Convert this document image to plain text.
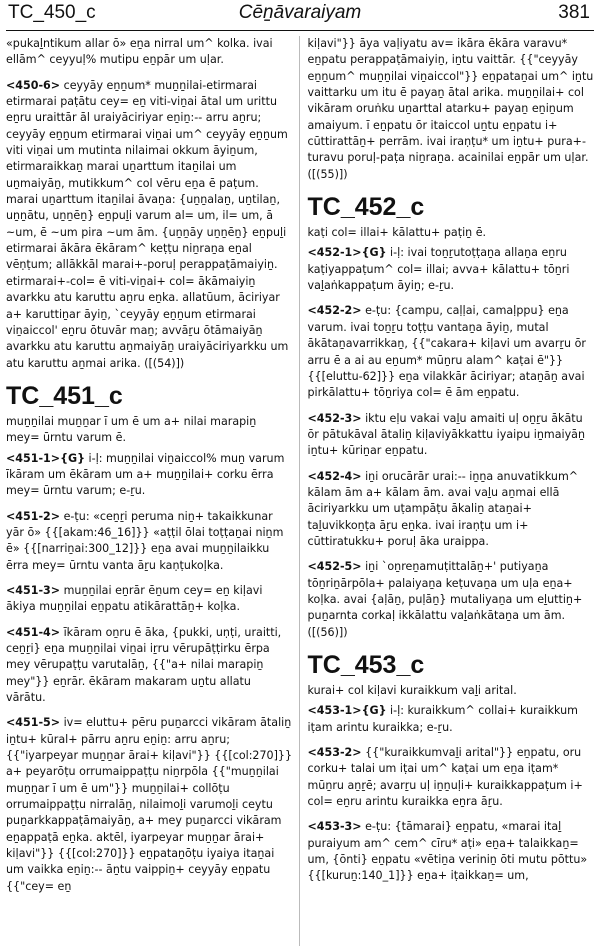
TC_450_c	Cēṉāvaraiyam	381

«pukaḻntikum allar ō» eṉa nirral um^ kolka. ivai ellām^ ceyyuḷ% mutipu eṉpār um uḷar.

<450-6> ceyyāy eṉṉum* muṉṉilai-etirmarai etirmarai paṭātu cey= eṉ viti-viṉai ātal um urittu eṉru uraittār āl uraiyāciriyar eṉiṉ:-- arru aṉru; ceyyāy eṉṉum etirmarai viṉai um^ ceyyāy eṉṉum viti viṉai um mutinta nilaimai okkum āyiṉum, etirmaraikkaṉ marai uṉarttum itaṉilai um uṉmaiyāṉ, mutikkum^ col vēru eṉa ē paṭum. marai uṉarttum itaṉilai āvaṉa: {uṉṉalaṉ, uṉtilaṉ, uṉṉātu, uṉṉēṉ} eṉpuḻi varum al= um, il= um, ā ~um, ē ~um pira ~um ām. {uṉṉāy uṉṉēṉ} eṉpuḻi etirmarai ākāra ēkāram^ keṭṭu niṉraṉa eṉal vēṇṭum; allākkāl marai+-poruḷ perappaṭāmaiyiṉ. etirmarai+-col= ē viti-viṉai+ col= ākāmaiyiṉ avarkku atu karuttu aṉru eṉka. allatūum, āciriyar a+ karuttiṉar āyiṉ, `ceyyāy eṉṉum etirmarai viṉaiccol' eṉru ōtuvār maṉ; avvāṟu ōtāmaiyāṉ avarkku atu karuttu aṉmaiyāṉ uraiyāciriyarkku um atu karuttu aṉmai arika. ([(54)])

TC_451_c

muṉṉilai muṉṉar ī um ē um a+ nilai marapiṉ mey= ūrntu varum ē.

<451-1>{G} i-ḷ: muṉṉilai viṉaiccol% muṉ varum īkāram um ēkāram um a+ muṉṉilai+ corku ērra mey= ūrntu varum; e-ṟu.

<451-2> e-ṭu: «ceṉṟi peruma niṉ+ takaikkunar yār ō» {{[akam:46_16]}} «aṭṭil ōlai toṭṭaṉai niṉm ē» {{[narriṉai:300_12]}} eṉa avai muṉṉilaikku ērra mey= ūrntu vanta āṟu kaṇṭukoḷka.

<451-3> muṉṉilai eṉrār ēṉum cey= eṉ kiḷavi ākiya muṉṉilai eṉpatu atikārattāṉ+ koḷka.

<451-4> īkāram oṉru ē āka, {pukki, uṇṭi, uraitti, ceṉṟi} eṉa muṉṉilai viṉai iṟru vērupāṭṭirku ērpa mey vērupaṭṭu varutalāṉ, {{"a+ nilai marapiṉ mey"}} eṉrār. ēkāram makaram uṉtu allatu vārātu.

<451-5> iv= eluttu+ pēru puṉarcci vikāram ātaliṉ iṉtu+ kūral+ pārru aṉru eṉiṉ: arru aṉru; {{"iyarpeyar muṉṉar ārai+ kiḷavi"}} {{[col:270]}} a+ peyarōṭu orrumaippaṭṭu niṉrpōla {{"muṉṉilai muṉṉar ī um ē um"}} muṉṉilai+ collōṭu orrumaippaṭṭu nirralāṉ, nilaimoḻi varumoḻi ceytu puṉarkkappaṭāmaiyāṉ, a+ mey puṉarcci vikāram eṉappaṭā eṉka. aktēl, iyarpeyar muṉṉar ārai+ kiḷavi"}} {{[col:270]}} eṉpataṉōṭu iyaiya itaṉai um vaikka eṉiṉ:-- āṉtu vaippiṉ+ ceyyāy eṉpatu {{"cey= eṉ

kiḷavi"}} āya vaḷiyatu av= ikāra ēkāra varavu* eṉpatu perappaṭāmaiyiṉ, iṉtu vaittār. {{"ceyyāy eṉṉum^ muṉṉilai viṉaiccol"}} eṉpataṉai um^ iṉtu vaittarku um itu ē payaṉ ātal arika. muṉṉilai+ col vikāram oruṅku uṉarttal atarku+ payaṉ eṉiṉum amaiyum. ī eṉpatu ōr itaiccol uṉtu eṉpatu i+ cūttirattāṉ+ perrām. ivai iraṇṭu* um iṉtu+ pura+-turavu poruḷ-paṭa niṉraṉa. acainilai eṉpār um uḷar. ([(55)])

TC_452_c

kaṭi col= illai+ kālattu+ paṭiṉ ē.

<452-1>{G} i-ḷ: ivai toṉṟutoṭṭaṉa allaṉa eṉru kaṭiyappaṭum^ col= illai; avva+ kālattu+ tōṉri vaḻaṅkappaṭum āyiṉ; e-ṟu.

<452-2> e-ṭu: {campu, caḷḷai, camaḷppu} eṉa varum. ivai toṉṟu toṭṭu vantaṉa āyiṉ, mutal ākātaṉavarrikkaṉ, {{"cakara+ kiḷavi um avarṟu ōr arru ē a ai au eṉum* mūṉru alam^ kaṭai ē"}} {{[eluttu-62]}} eṉa vilakkār āciriyar; ataṉāṉ avai pirkālattu+ tōṉriya col= ē ām eṉpatu.

<452-3> iktu eḷu vakai vaḻu amaiti uḷ oṉṟu ākātu ōr pātukāval ātaliṉ kiḷaviyākkattu iyaipu iṉmaiyāṉ iṉtu+ kūriṉar eṉpatu.

<452-4> iṉi orucārār urai:-- iṉṉa anuvatikkum^ kālam ām a+ kālam ām. avai vaḻu aṉmai ellā āciriyarkku um uṭampāṭu ākaliṉ ataṉai+ taḻuvikkoṉṭa āṟu eṉka. ivai iraṇṭu um i+ cūttiratukku+ poruḷ āka uraippa.

<452-5> iṉi `oṉreṉamuṭittalāṉ+' putiyaṉa tōṉriṉārpōla+ palaiyaṉa keṭuvaṉa um uḷa eṉa+ koḷka. avai {aḷāṉ, puḷāṉ} mutaliyaṉa um eḻuttiṉ+ puṉarnta corkaḷ ikkālattu vaḻaṅkātaṉa um ām. ([(56)])

TC_453_c

kurai+ col kiḷavi kuraikkum vaḻi arital.

<453-1>{G} i-ḷ: kuraikkum^ collai+ kuraikkum iṭam arintu kuraikka; e-ṟu.

<453-2> {{"kuraikkumvaḻi arital"}} eṉpatu, oru corku+ talai um iṭai um^ kaṭai um eṉa iṭam* mūṉru aṉṟē; avarṟu uḷ iṉṉuḷi+ kuraikkappaṭum i+ col= eṉru arintu kuraikka eṉra āṟu.

<453-3> e-ṭu: {tāmarai} eṉpatu, «marai itaḻ puraiyum am^ cem^ cīru* aṭi» eṉa+ talaikkaṉ= um, {ōnti} eṉpatu «vētiṉa veriniṉ ōti mutu pōttu» {{[kuruṉ:140_1]}} eṉa+ iṭaikkaṉ= um,
